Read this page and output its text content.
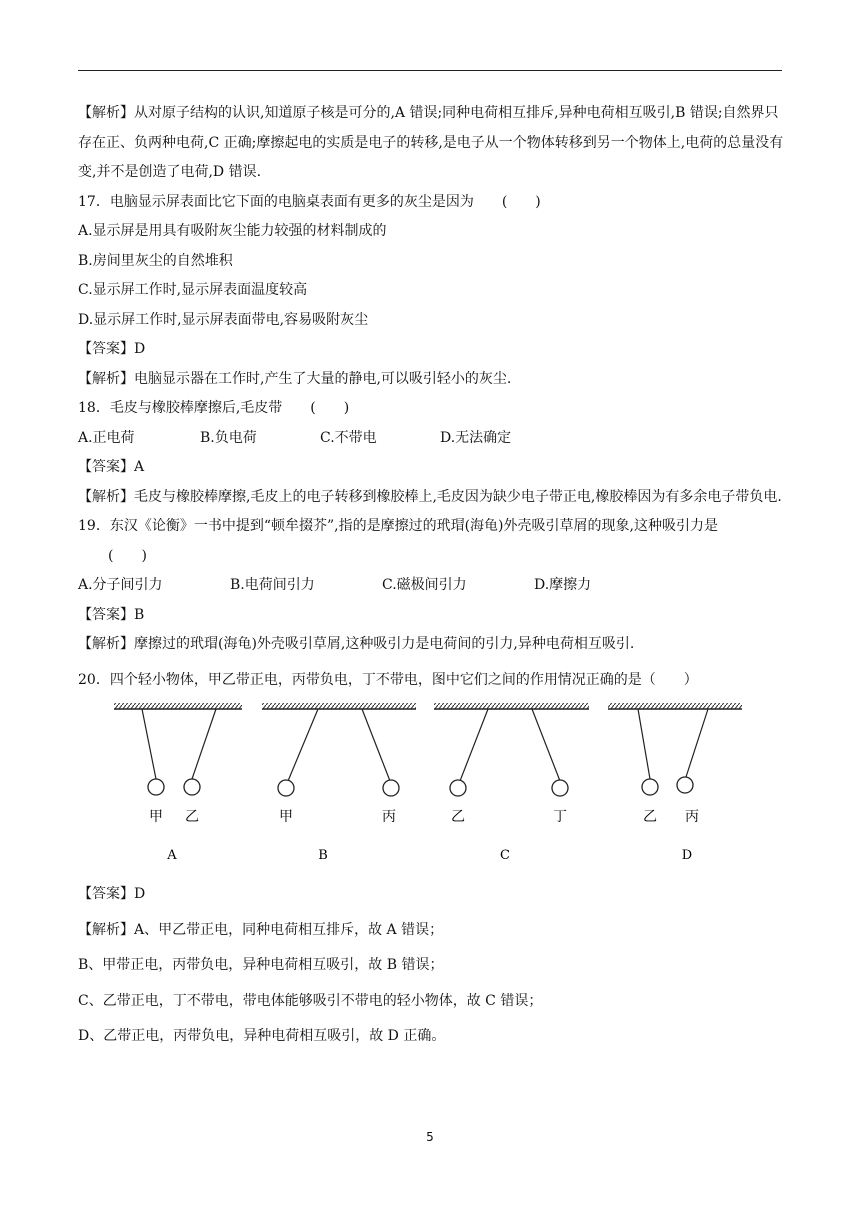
【解析】从对原子结构的认识,知道原子核是可分的,A 错误;同种电荷相互排斥,异种电荷相互吸引,B 错误;自然界只存在正、负两种电荷,C 正确;摩擦起电的实质是电子的转移,是电子从一个物体转移到另一个物体上,电荷的总量没有变,并不是创造了电荷,D 错误.

17．电脑显示屏表面比它下面的电脑桌表面有更多的灰尘是因为　　(　　)

A.显示屏是用具有吸附灰尘能力较强的材料制成的

B.房间里灰尘的自然堆积

C.显示屏工作时,显示屏表面温度较高

D.显示屏工作时,显示屏表面带电,容易吸附灰尘

【答案】D

【解析】电脑显示器在工作时,产生了大量的静电,可以吸引轻小的灰尘.

18．毛皮与橡胶棒摩擦后,毛皮带　　(　　)

A.正电荷	B.负电荷	C.不带电	D.无法确定

【答案】A

【解析】毛皮与橡胶棒摩擦,毛皮上的电子转移到橡胶棒上,毛皮因为缺少电子带正电,橡胶棒因为有多余电子带负电.

19．东汉《论衡》一书中提到“顿牟掇芥”,指的是摩擦过的玳瑁(海龟)外壳吸引草屑的现象,这种吸引力是

(　　)

A.分子间引力	B.电荷间引力	C.磁极间引力	D.摩擦力

【答案】B

【解析】摩擦过的玳瑁(海龟)外壳吸引草屑,这种吸引力是电荷间的引力,异种电荷相互吸引.

20．四个轻小物体，甲乙带正电，丙带负电，丁不带电，图中它们之间的作用情况正确的是（　　）

甲 乙
A
甲	丙
B
乙	丁
C
乙 丙
D

【答案】D

【解析】A、甲乙带正电，同种电荷相互排斥，故 A 错误；

B、甲带正电，丙带负电，异种电荷相互吸引，故 B 错误；

C、乙带正电，丁不带电，带电体能够吸引不带电的轻小物体，故 C 错误；

D、乙带正电，丙带负电，异种电荷相互吸引，故 D 正确。

5
